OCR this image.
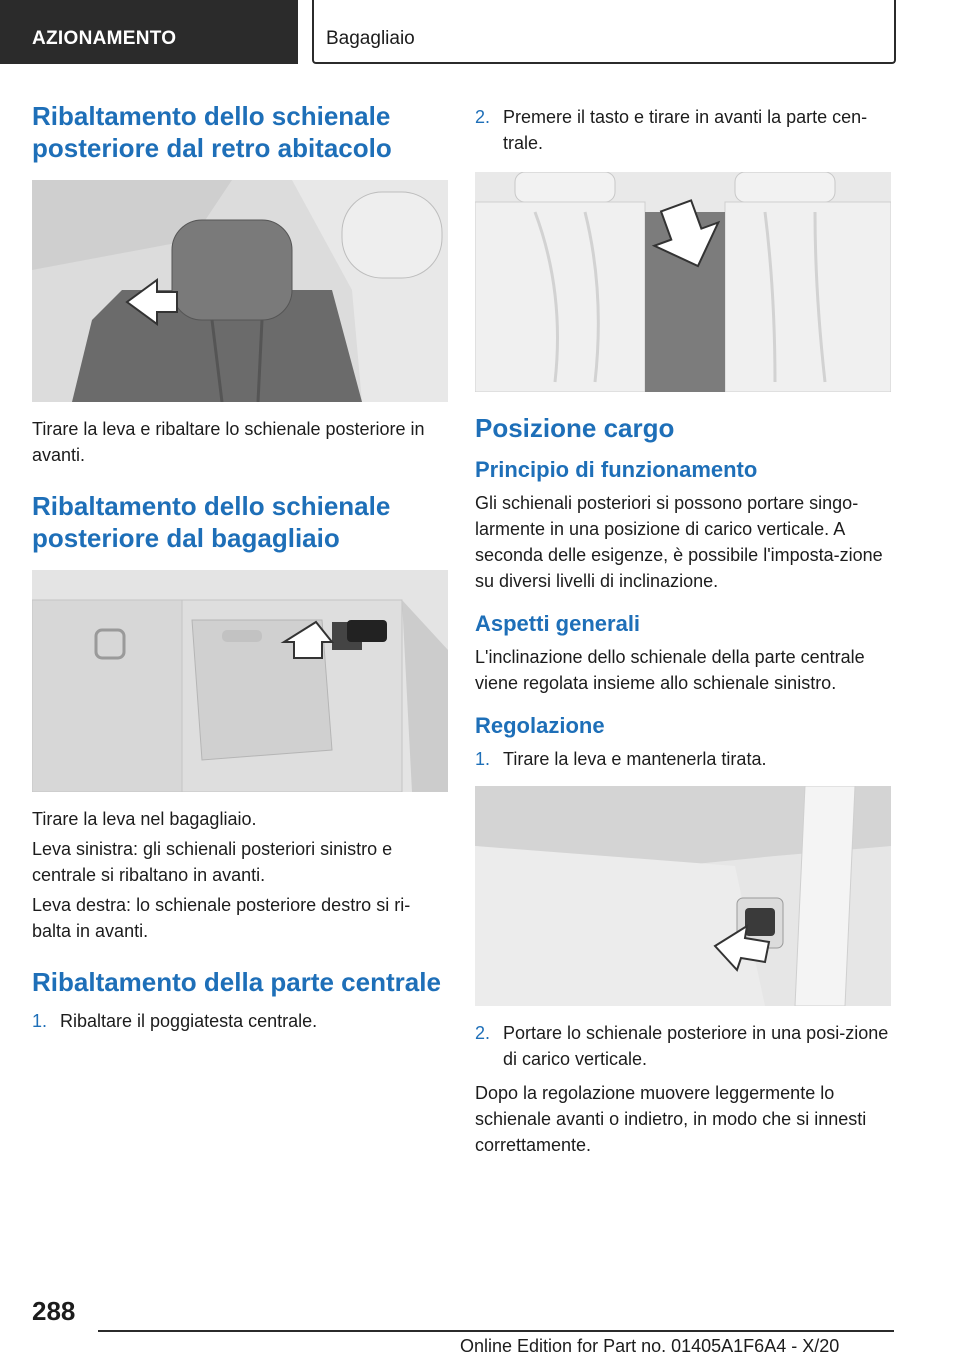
AZIONAMENTO	Bagagliaio
Ribaltamento dello schienale posteriore dal retro abitacolo

Tirare la leva e ribaltare lo schienale posteriore in avanti.

Ribaltamento dello schienale posteriore dal bagagliaio

Tirare la leva nel bagagliaio.

Leva sinistra: gli schienali posteriori sinistro e centrale si ribaltano in avanti.

Leva destra: lo schienale posteriore destro si ri-balta in avanti.

Ribaltamento della parte centrale
1. Ribaltare il poggiatesta centrale.
2. Premere il tasto e tirare in avanti la parte cen-trale.
Posizione cargo
Principio di funzionamento

Gli schienali posteriori si possono portare singo-larmente in una posizione di carico verticale. A seconda delle esigenze, è possibile l'imposta-zione su diversi livelli di inclinazione.

Aspetti generali

L'inclinazione dello schienale della parte centrale viene regolata insieme allo schienale sinistro.

Regolazione
1. Tirare la leva e mantenerla tirata.
2. Portare lo schienale posteriore in una posi-zione di carico verticale.

Dopo la regolazione muovere leggermente lo schienale avanti o indietro, in modo che si innesti correttamente.

288
Online Edition for Part no. 01405A1F6A4 - X/20
